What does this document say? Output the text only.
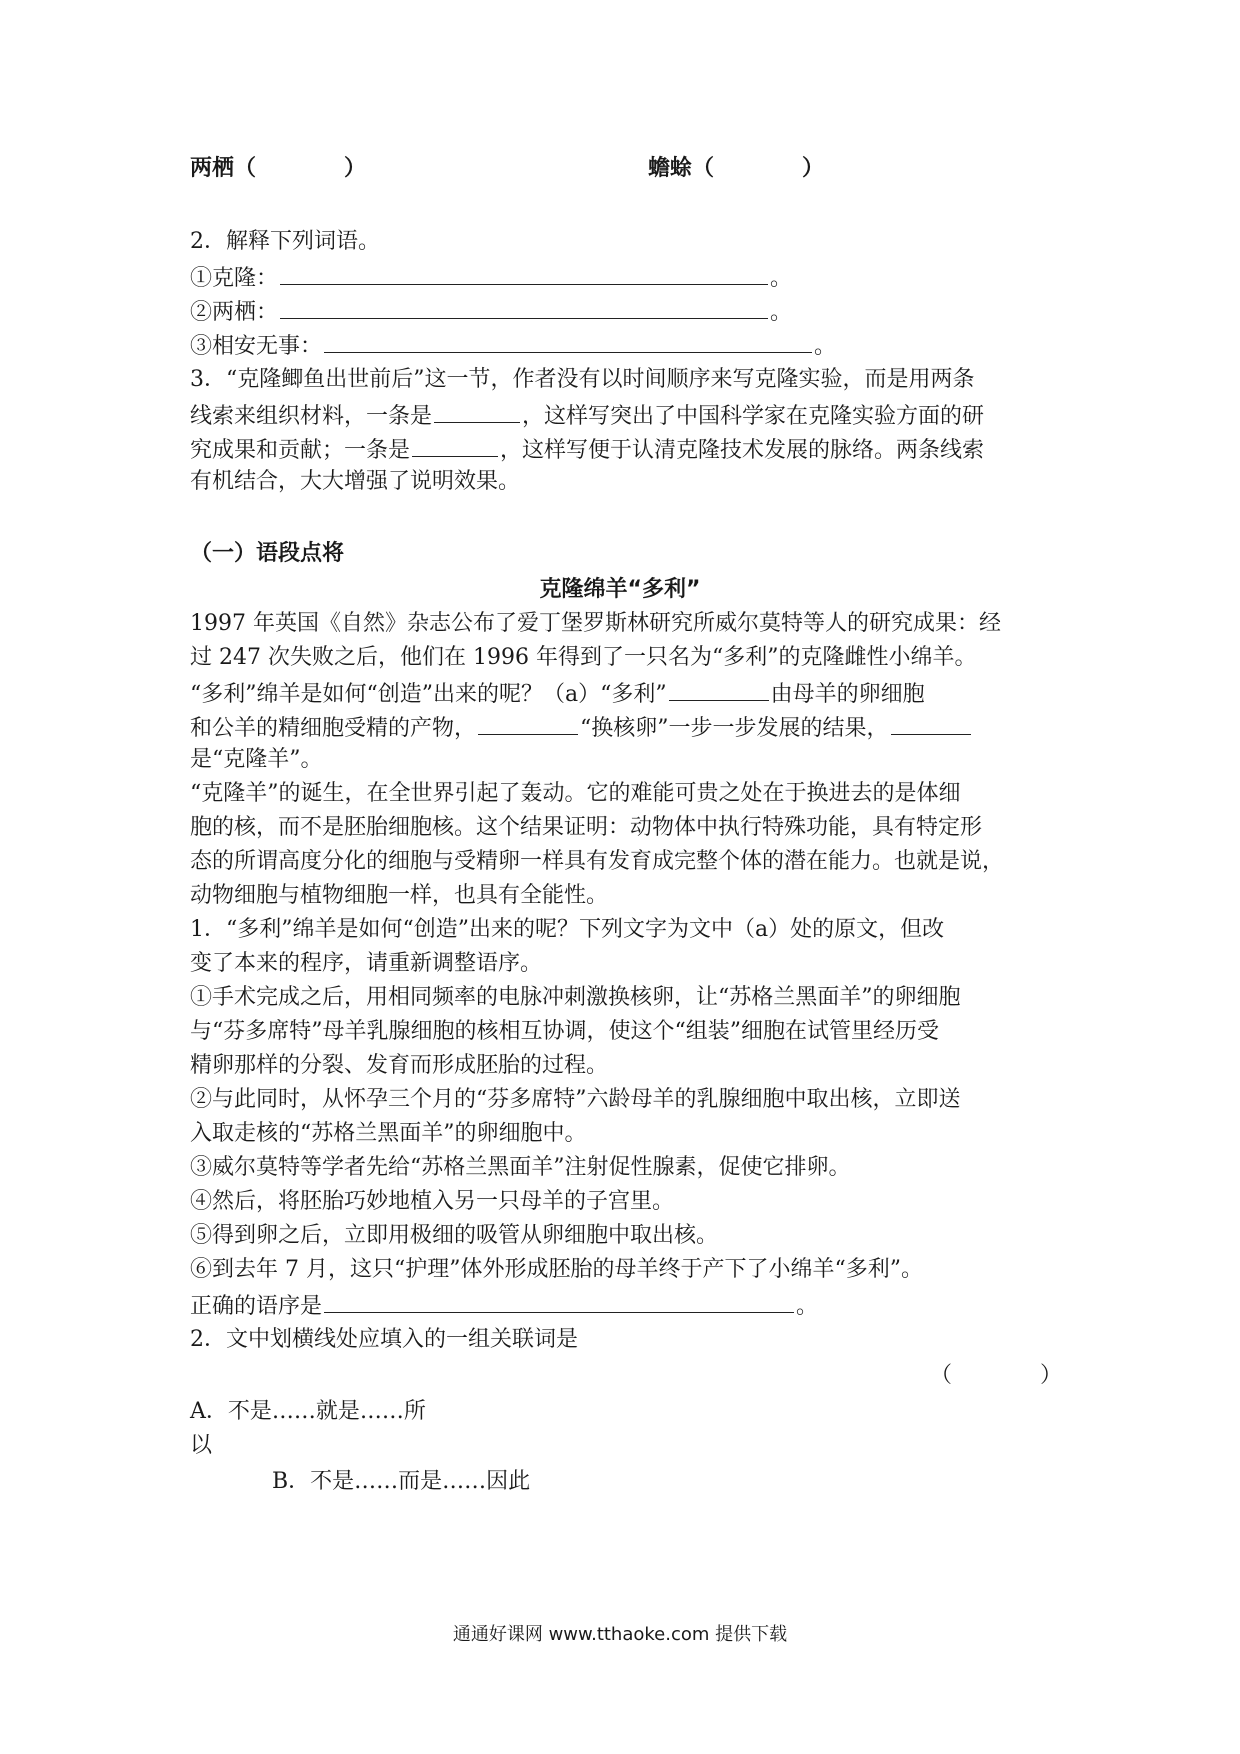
两栖（　　　　）	蟾蜍（　　　　）
2．解释下列词语。
①克隆：	。
②两栖：	。
③相安无事：	。
3．“克隆鲫鱼出世前后”这一节，作者没有以时间顺序来写克隆实验，而是用两条
线索来组织材料，一条是	，这样写突出了中国科学家在克隆实验方面的研
究成果和贡献；一条是	，这样写便于认清克隆技术发展的脉络。两条线索
有机结合，大大增强了说明效果。
（一）语段点将
克隆绵羊“多利”
1997 年英国《自然》杂志公布了爱丁堡罗斯林研究所威尔莫特等人的研究成果：经
过 247 次失败之后，他们在 1996 年得到了一只名为“多利”的克隆雌性小绵羊。
“多利”绵羊是如何“创造”出来的呢？（a）“多利”	由母羊的卵细胞
和公羊的精细胞受精的产物，	“换核卵”一步一步发展的结果，
是“克隆羊”。
“克隆羊”的诞生，在全世界引起了轰动。它的难能可贵之处在于换进去的是体细
胞的核，而不是胚胎细胞核。这个结果证明：动物体中执行特殊功能，具有特定形
态的所谓高度分化的细胞与受精卵一样具有发育成完整个体的潜在能力。也就是说，
动物细胞与植物细胞一样，也具有全能性。
1．“多利”绵羊是如何“创造”出来的呢？下列文字为文中（a）处的原文，但改
变了本来的程序，请重新调整语序。
①手术完成之后，用相同频率的电脉冲刺激换核卵，让“苏格兰黑面羊”的卵细胞
与“芬多席特”母羊乳腺细胞的核相互协调，使这个“组装”细胞在试管里经历受
精卵那样的分裂、发育而形成胚胎的过程。
②与此同时，从怀孕三个月的“芬多席特”六龄母羊的乳腺细胞中取出核，立即送
入取走核的“苏格兰黑面羊”的卵细胞中。
③威尔莫特等学者先给“苏格兰黑面羊”注射促性腺素，促使它排卵。
④然后，将胚胎巧妙地植入另一只母羊的子宫里。
⑤得到卵之后，立即用极细的吸管从卵细胞中取出核。
⑥到去年 7 月，这只“护理”体外形成胚胎的母羊终于产下了小绵羊“多利”。
正确的语序是	。
2．文中划横线处应填入的一组关联词是
（　　　　）
A．不是……就是……所
以
B．不是……而是……因此
通通好课网 www.tthaoke.com 提供下载
